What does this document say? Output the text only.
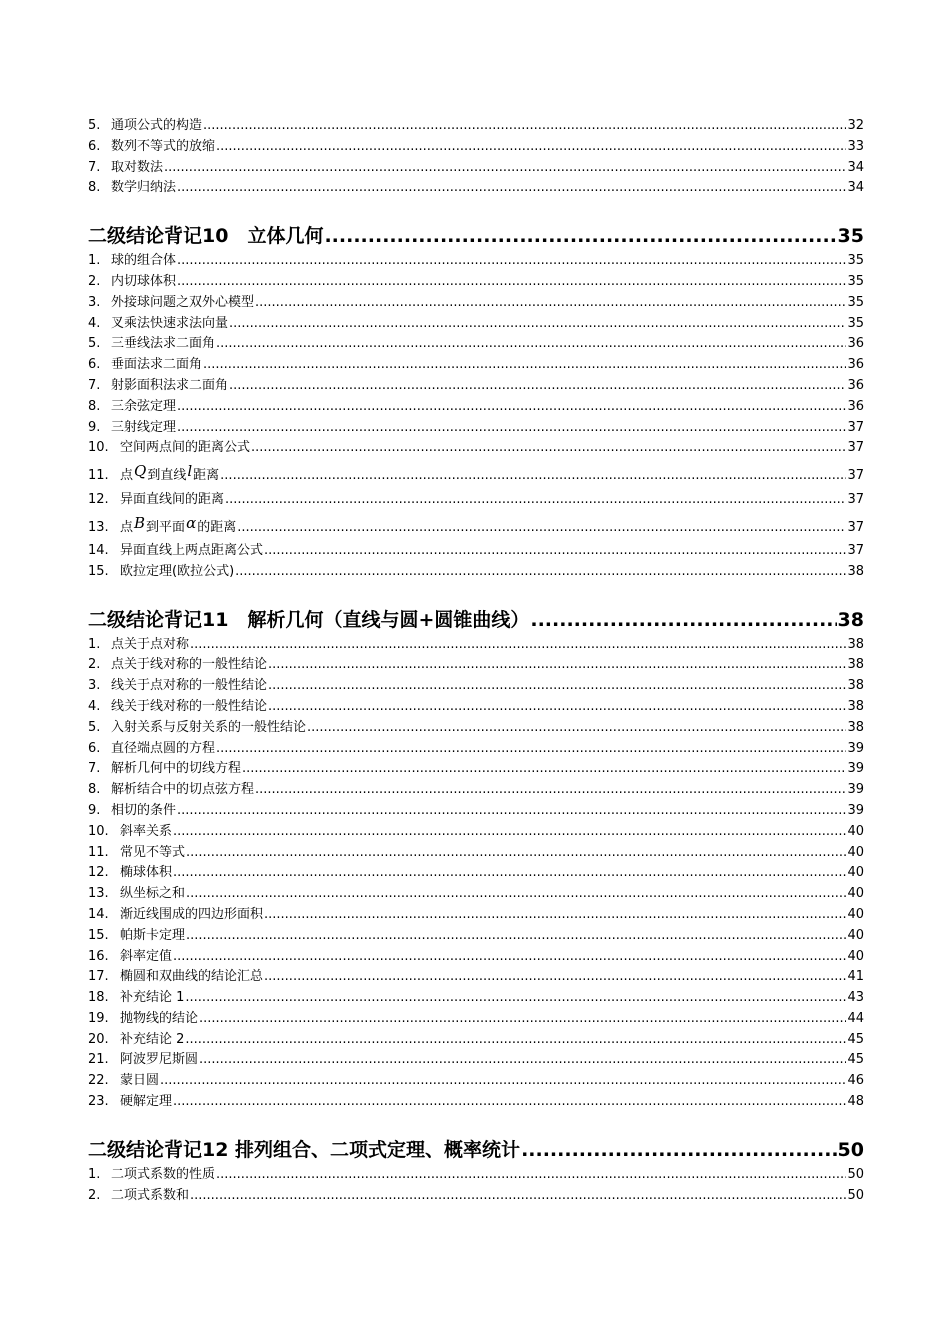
5. 通项公式的构造 .....	32
6. 数列不等式的放缩 .....	33
7. 取对数法 .....	34
8. 数学归纳法 .....	34
二级结论背记10　立体几何 .....	35
1. 球的组合体 .....	35
2. 内切球体积 .....	35
3. 外接球问题之双外心模型 .....	35
4. 叉乘法快速求法向量 .....	35
5. 三垂线法求二面角 .....	36
6. 垂面法求二面角 .....	36
7. 射影面积法求二面角 .....	36
8. 三余弦定理 .....	36
9. 三射线定理 .....	37
10. 空间两点间的距离公式 .....	37
11. 点Q到直线l距离 .....	37
12. 异面直线间的距离 .....	37
13. 点B到平面α的距离 .....	37
14. 异面直线上两点距离公式 .....	37
15. 欧拉定理(欧拉公式) .....	38
二级结论背记11　解析几何（直线与圆+圆锥曲线） .....	38
1. 点关于点对称 .....	38
2. 点关于线对称的一般性结论 .....	38
3. 线关于点对称的一般性结论 .....	38
4. 线关于线对称的一般性结论 .....	38
5. 入射关系与反射关系的一般性结论 .....	38
6. 直径端点圆的方程 .....	39
7. 解析几何中的切线方程 .....	39
8. 解析结合中的切点弦方程 .....	39
9. 相切的条件 .....	39
10. 斜率关系 .....	40
11. 常见不等式 .....	40
12. 椭球体积 .....	40
13. 纵坐标之和 .....	40
14. 渐近线围成的四边形面积 .....	40
15. 帕斯卡定理 .....	40
16. 斜率定值 .....	40
17. 椭圆和双曲线的结论汇总 .....	41
18. 补充结论 1 .....	43
19. 抛物线的结论 .....	44
20. 补充结论 2 .....	45
21. 阿波罗尼斯圆 .....	45
22. 蒙日圆 .....	46
23. 硬解定理 .....	48
二级结论背记12 排列组合、二项式定理、概率统计 .....	50
1. 二项式系数的性质 .....	50
2. 二项式系数和 .....	50
